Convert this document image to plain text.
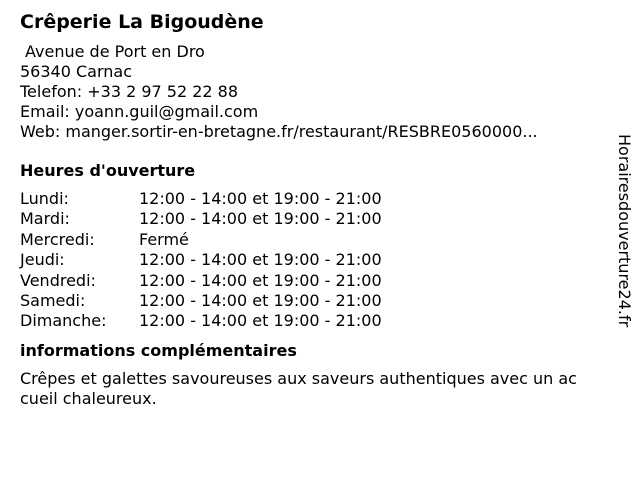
Crêperie La Bigoudène
Avenue de Port en Dro
56340 Carnac
Telefon: +33 2 97 52 22 88
Email: yoann.guil@gmail.com
Web: manger.sortir-en-bretagne.fr/restaurant/RESBRE0560000...
Heures d'ouverture
Lundi:	12:00 - 14:00 et 19:00 - 21:00
Mardi:	12:00 - 14:00 et 19:00 - 21:00
Mercredi:	Fermé
Jeudi:	12:00 - 14:00 et 19:00 - 21:00
Vendredi:	12:00 - 14:00 et 19:00 - 21:00
Samedi:	12:00 - 14:00 et 19:00 - 21:00
Dimanche: 12:00 - 14:00 et 19:00 - 21:00
informations complémentaires
Crêpes et galettes savoureuses aux saveurs authentiques avec un ac
cueil chaleureux.
Horairesdouverture24.fr
